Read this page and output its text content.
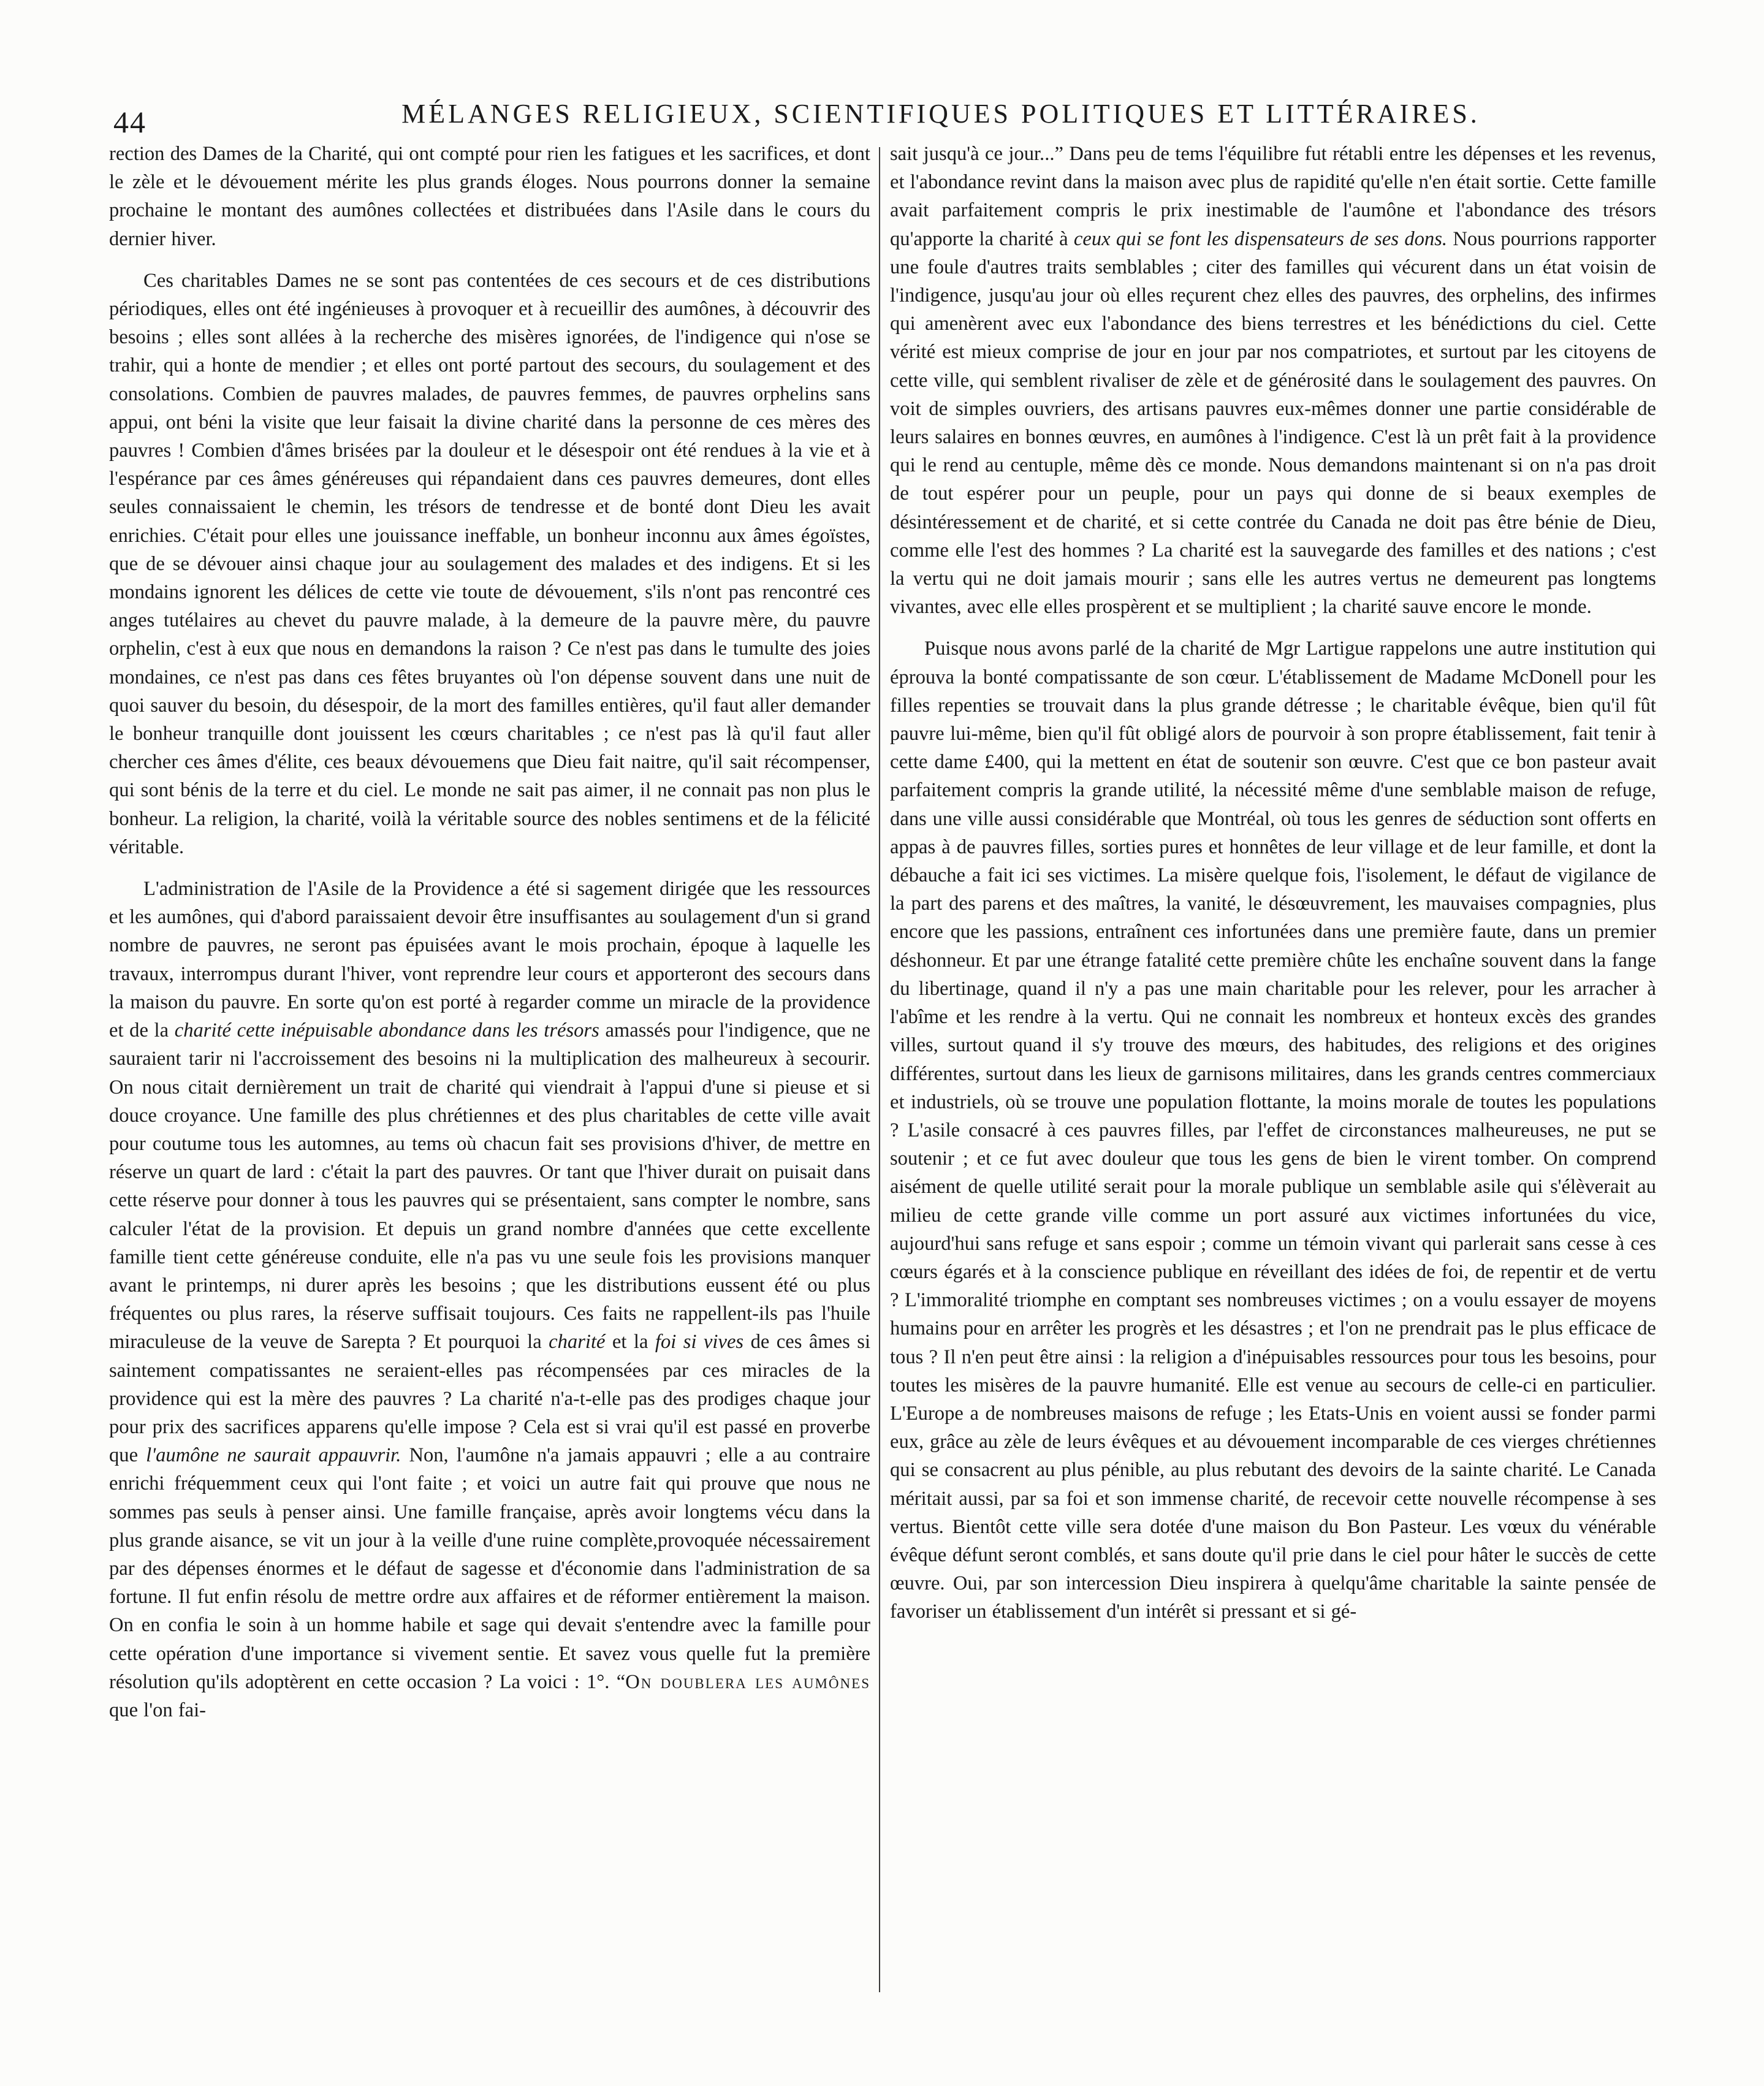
44	MÉLANGES RELIGIEUX, SCIENTIFIQUES POLITIQUES ET LITTÉRAIRES.

rection des Dames de la Charité, qui ont compté pour rien les fatigues et les sacrifices, et dont le zèle et le dévouement mérite les plus grands éloges. Nous pourrons donner la semaine prochaine le montant des aumônes collectées et distribuées dans l'Asile dans le cours du dernier hiver.

Ces charitables Dames ne se sont pas contentées de ces secours et de ces distributions périodiques, elles ont été ingénieuses à provoquer et à recueillir des aumônes, à découvrir des besoins ; elles sont allées à la recherche des misères ignorées, de l'indigence qui n'ose se trahir, qui a honte de mendier ; et elles ont porté partout des secours, du soulagement et des consolations. Combien de pauvres malades, de pauvres femmes, de pauvres orphelins sans appui, ont béni la visite que leur faisait la divine charité dans la personne de ces mères des pauvres ! Combien d'âmes brisées par la douleur et le désespoir ont été rendues à la vie et à l'espérance par ces âmes généreuses qui répandaient dans ces pauvres demeures, dont elles seules connaissaient le chemin, les trésors de tendresse et de bonté dont Dieu les avait enrichies. C'était pour elles une jouissance ineffable, un bonheur inconnu aux âmes égoïstes, que de se dévouer ainsi chaque jour au soulagement des malades et des indigens. Et si les mondains ignorent les délices de cette vie toute de dévouement, s'ils n'ont pas rencontré ces anges tutélaires au chevet du pauvre malade, à la demeure de la pauvre mère, du pauvre orphelin, c'est à eux que nous en demandons la raison ? Ce n'est pas dans le tumulte des joies mondaines, ce n'est pas dans ces fêtes bruyantes où l'on dépense souvent dans une nuit de quoi sauver du besoin, du désespoir, de la mort des familles entières, qu'il faut aller demander le bonheur tranquille dont jouissent les cœurs charitables ; ce n'est pas là qu'il faut aller chercher ces âmes d'élite, ces beaux dévouemens que Dieu fait naitre, qu'il sait récompenser, qui sont bénis de la terre et du ciel. Le monde ne sait pas aimer, il ne connait pas non plus le bonheur. La religion, la charité, voilà la véritable source des nobles sentimens et de la félicité véritable.

L'administration de l'Asile de la Providence a été si sagement dirigée que les ressources et les aumônes, qui d'abord paraissaient devoir être insuffisantes au soulagement d'un si grand nombre de pauvres, ne seront pas épuisées avant le mois prochain, époque à laquelle les travaux, interrompus durant l'hiver, vont reprendre leur cours et apporteront des secours dans la maison du pauvre. En sorte qu'on est porté à regarder comme un miracle de la providence et de la charité cette inépuisable abondance dans les trésors amassés pour l'indigence, que ne sauraient tarir ni l'accroissement des besoins ni la multiplication des malheureux à secourir. On nous citait dernièrement un trait de charité qui viendrait à l'appui d'une si pieuse et si douce croyance. Une famille des plus chrétiennes et des plus charitables de cette ville avait pour coutume tous les automnes, au tems où chacun fait ses provisions d'hiver, de mettre en réserve un quart de lard : c'était la part des pauvres. Or tant que l'hiver durait on puisait dans cette réserve pour donner à tous les pauvres qui se présentaient, sans compter le nombre, sans calculer l'état de la provision. Et depuis un grand nombre d'années que cette excellente famille tient cette généreuse conduite, elle n'a pas vu une seule fois les provisions manquer avant le printemps, ni durer après les besoins ; que les distributions eussent été ou plus fréquentes ou plus rares, la réserve suffisait toujours. Ces faits ne rappellent-ils pas l'huile miraculeuse de la veuve de Sarepta ? Et pourquoi la charité et la foi si vives de ces âmes si saintement compatissantes ne seraient-elles pas récompensées par ces miracles de la providence qui est la mère des pauvres ? La charité n'a-t-elle pas des prodiges chaque jour pour prix des sacrifices apparens qu'elle impose ? Cela est si vrai qu'il est passé en proverbe que l'aumône ne saurait appauvrir. Non, l'aumône n'a jamais appauvri ; elle a au contraire enrichi fréquemment ceux qui l'ont faite ; et voici un autre fait qui prouve que nous ne sommes pas seuls à penser ainsi. Une famille française, après avoir longtems vécu dans la plus grande aisance, se vit un jour à la veille d'une ruine complète,provoquée nécessairement par des dépenses énormes et le défaut de sagesse et d'économie dans l'administration de sa fortune. Il fut enfin résolu de mettre ordre aux affaires et de réformer entièrement la maison. On en confia le soin à un homme habile et sage qui devait s'entendre avec la famille pour cette opération d'une importance si vivement sentie. Et savez vous quelle fut la première résolution qu'ils adoptèrent en cette occasion ? La voici : 1°. “On doublera les aumônes que l'on fai-

sait jusqu'à ce jour...” Dans peu de tems l'équilibre fut rétabli entre les dépenses et les revenus, et l'abondance revint dans la maison avec plus de rapidité qu'elle n'en était sortie. Cette famille avait parfaitement compris le prix inestimable de l'aumône et l'abondance des trésors qu'apporte la charité à ceux qui se font les dispensateurs de ses dons. Nous pourrions rapporter une foule d'autres traits semblables ; citer des familles qui vécurent dans un état voisin de l'indigence, jusqu'au jour où elles reçurent chez elles des pauvres, des orphelins, des infirmes qui amenèrent avec eux l'abondance des biens terrestres et les bénédictions du ciel. Cette vérité est mieux comprise de jour en jour par nos compatriotes, et surtout par les citoyens de cette ville, qui semblent rivaliser de zèle et de générosité dans le soulagement des pauvres. On voit de simples ouvriers, des artisans pauvres eux-mêmes donner une partie considérable de leurs salaires en bonnes œuvres, en aumônes à l'indigence. C'est là un prêt fait à la providence qui le rend au centuple, même dès ce monde. Nous demandons maintenant si on n'a pas droit de tout espérer pour un peuple, pour un pays qui donne de si beaux exemples de désintéressement et de charité, et si cette contrée du Canada ne doit pas être bénie de Dieu, comme elle l'est des hommes ? La charité est la sauvegarde des familles et des nations ; c'est la vertu qui ne doit jamais mourir ; sans elle les autres vertus ne demeurent pas longtems vivantes, avec elle elles prospèrent et se multiplient ; la charité sauve encore le monde.

Puisque nous avons parlé de la charité de Mgr Lartigue rappelons une autre institution qui éprouva la bonté compatissante de son cœur. L'établissement de Madame McDonell pour les filles repenties se trouvait dans la plus grande détresse ; le charitable évêque, bien qu'il fût pauvre lui-même, bien qu'il fût obligé alors de pourvoir à son propre établissement, fait tenir à cette dame £400, qui la mettent en état de soutenir son œuvre. C'est que ce bon pasteur avait parfaitement compris la grande utilité, la nécessité même d'une semblable maison de refuge, dans une ville aussi considérable que Montréal, où tous les genres de séduction sont offerts en appas à de pauvres filles, sorties pures et honnêtes de leur village et de leur famille, et dont la débauche a fait ici ses victimes. La misère quelque fois, l'isolement, le défaut de vigilance de la part des parens et des maîtres, la vanité, le désœuvrement, les mauvaises compagnies, plus encore que les passions, entraînent ces infortunées dans une première faute, dans un premier déshonneur. Et par une étrange fatalité cette première chûte les enchaîne souvent dans la fange du libertinage, quand il n'y a pas une main charitable pour les relever, pour les arracher à l'abîme et les rendre à la vertu. Qui ne connait les nombreux et honteux excès des grandes villes, surtout quand il s'y trouve des mœurs, des habitudes, des religions et des origines différentes, surtout dans les lieux de garnisons militaires, dans les grands centres commerciaux et industriels, où se trouve une population flottante, la moins morale de toutes les populations ? L'asile consacré à ces pauvres filles, par l'effet de circonstances malheureuses, ne put se soutenir ; et ce fut avec douleur que tous les gens de bien le virent tomber. On comprend aisément de quelle utilité serait pour la morale publique un semblable asile qui s'élèverait au milieu de cette grande ville comme un port assuré aux victimes infortunées du vice, aujourd'hui sans refuge et sans espoir ; comme un témoin vivant qui parlerait sans cesse à ces cœurs égarés et à la conscience publique en réveillant des idées de foi, de repentir et de vertu ? L'immoralité triomphe en comptant ses nombreuses victimes ; on a voulu essayer de moyens humains pour en arrêter les progrès et les désastres ; et l'on ne prendrait pas le plus efficace de tous ? Il n'en peut être ainsi : la religion a d'inépuisables ressources pour tous les besoins, pour toutes les misères de la pauvre humanité. Elle est venue au secours de celle-ci en particulier. L'Europe a de nombreuses maisons de refuge ; les Etats-Unis en voient aussi se fonder parmi eux, grâce au zèle de leurs évêques et au dévouement incomparable de ces vierges chrétiennes qui se consacrent au plus pénible, au plus rebutant des devoirs de la sainte charité. Le Canada méritait aussi, par sa foi et son immense charité, de recevoir cette nouvelle récompense à ses vertus. Bientôt cette ville sera dotée d'une maison du Bon Pasteur. Les vœux du vénérable évêque défunt seront comblés, et sans doute qu'il prie dans le ciel pour hâter le succès de cette œuvre. Oui, par son intercession Dieu inspirera à quelqu'âme charitable la sainte pensée de favoriser un établissement d'un intérêt si pressant et si gé-
